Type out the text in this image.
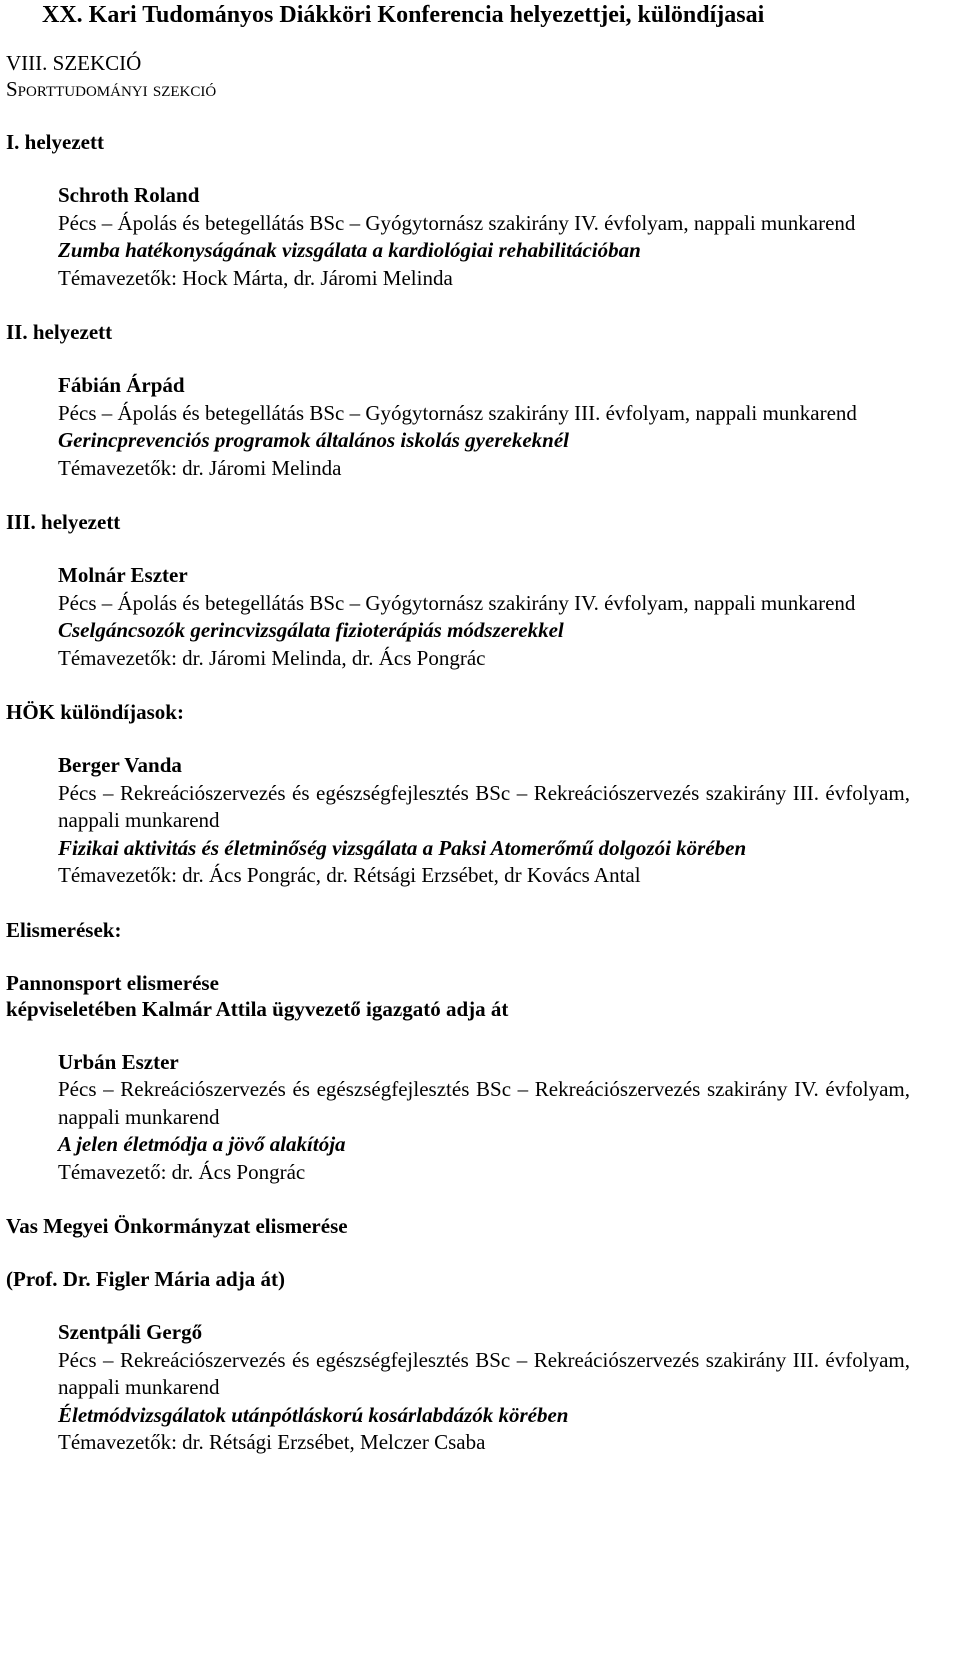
XX. Kari Tudományos Diákköri Konferencia helyezettjei, különdíjasai
VIII. SZEKCIÓ
Sporttudományi szekció
I. helyezett
Schroth Roland
Pécs – Ápolás és betegellátás BSc – Gyógytornász szakirány IV. évfolyam, nappali munkarend
Zumba hatékonyságának vizsgálata a kardiológiai rehabilitációban
Témavezetők: Hock Márta, dr. Járomi Melinda
II. helyezett
Fábián Árpád
Pécs – Ápolás és betegellátás BSc – Gyógytornász szakirány III. évfolyam, nappali munkarend
Gerincprevenciós programok általános iskolás gyerekeknél
Témavezetők: dr. Járomi Melinda
III. helyezett
Molnár Eszter
Pécs – Ápolás és betegellátás BSc – Gyógytornász szakirány IV. évfolyam, nappali munkarend
Cselgáncsozók gerincvizsgálata fizioterápiás módszerekkel
Témavezetők: dr. Járomi Melinda, dr. Ács Pongrác
HÖK különdíjasok:
Berger Vanda
Pécs – Rekreációszervezés és egészségfejlesztés BSc – Rekreációszervezés szakirány III. évfolyam, nappali munkarend
Fizikai aktivitás és életminőség vizsgálata a Paksi Atomerőmű dolgozói körében
Témavezetők: dr. Ács Pongrác, dr. Rétsági Erzsébet, dr Kovács Antal
Elismerések:
Pannonsport elismerése
képviseletében Kalmár Attila ügyvezető igazgató adja át
Urbán Eszter
Pécs – Rekreációszervezés és egészségfejlesztés BSc – Rekreációszervezés szakirány IV. évfolyam, nappali munkarend
A jelen életmódja a jövő alakítója
Témavezető: dr. Ács Pongrác
Vas Megyei Önkormányzat elismerése
(Prof. Dr. Figler Mária adja át)
Szentpáli Gergő
Pécs – Rekreációszervezés és egészségfejlesztés BSc – Rekreációszervezés szakirány III. évfolyam, nappali munkarend
Életmódvizsgálatok utánpótláskorú kosárlabdázók körében
Témavezetők: dr. Rétsági Erzsébet, Melczer Csaba
